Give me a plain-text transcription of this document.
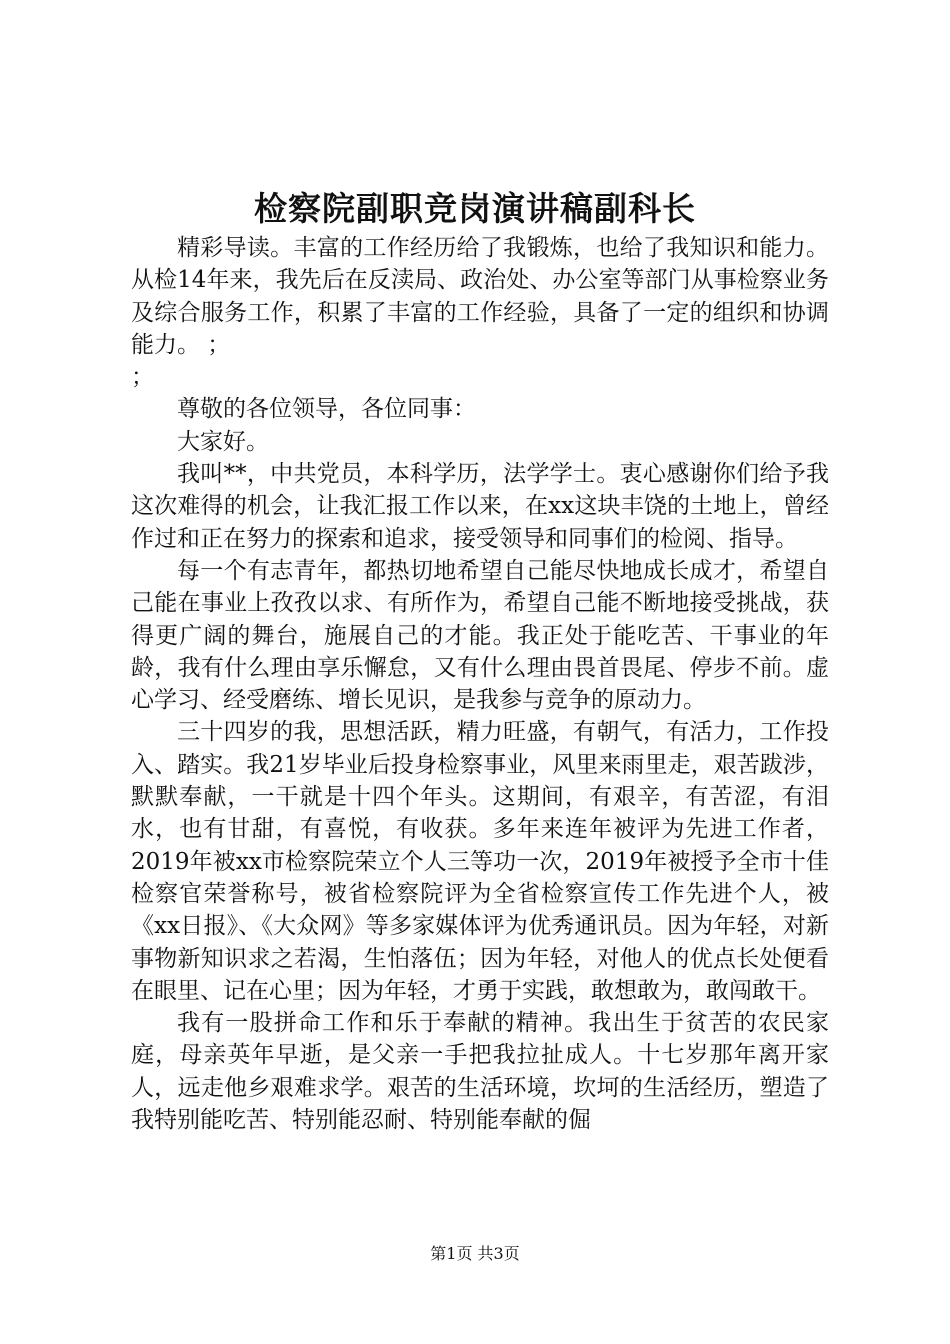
检察院副职竞岗演讲稿副科长

精彩导读。丰富的工作经历给了我锻炼，也给了我知识和能力。从检14年来，我先后在反渎局、政治处、办公室等部门从事检察业务及综合服务工作，积累了丰富的工作经验，具备了一定的组织和协调能力。 ；

；

尊敬的各位领导，各位同事：

大家好。

我叫**，中共党员，本科学历，法学学士。衷心感谢你们给予我这次难得的机会，让我汇报工作以来，在xx这块丰饶的土地上，曾经作过和正在努力的探索和追求，接受领导和同事们的检阅、指导。

每一个有志青年，都热切地希望自己能尽快地成长成才，希望自己能在事业上孜孜以求、有所作为，希望自己能不断地接受挑战，获得更广阔的舞台，施展自己的才能。我正处于能吃苦、干事业的年龄，我有什么理由享乐懈怠，又有什么理由畏首畏尾、停步不前。虚心学习、经受磨练、增长见识，是我参与竞争的原动力。

三十四岁的我，思想活跃，精力旺盛，有朝气，有活力，工作投入、踏实。我21岁毕业后投身检察事业，风里来雨里走，艰苦跋涉，默默奉献，一干就是十四个年头。这期间，有艰辛，有苦涩，有泪水，也有甘甜，有喜悦，有收获。多年来连年被评为先进工作者，2019年被xx市检察院荣立个人三等功一次，2019年被授予全市十佳检察官荣誉称号，被省检察院评为全省检察宣传工作先进个人，被《xx日报》、《大众网》等多家媒体评为优秀通讯员。因为年轻，对新事物新知识求之若渴，生怕落伍；因为年轻，对他人的优点长处便看在眼里、记在心里；因为年轻，才勇于实践，敢想敢为，敢闯敢干。

我有一股拼命工作和乐于奉献的精神。我出生于贫苦的农民家庭，母亲英年早逝，是父亲一手把我拉扯成人。十七岁那年离开家人，远走他乡艰难求学。艰苦的生活环境，坎坷的生活经历，塑造了我特别能吃苦、特别能忍耐、特别能奉献的倔

第1页 共3页
